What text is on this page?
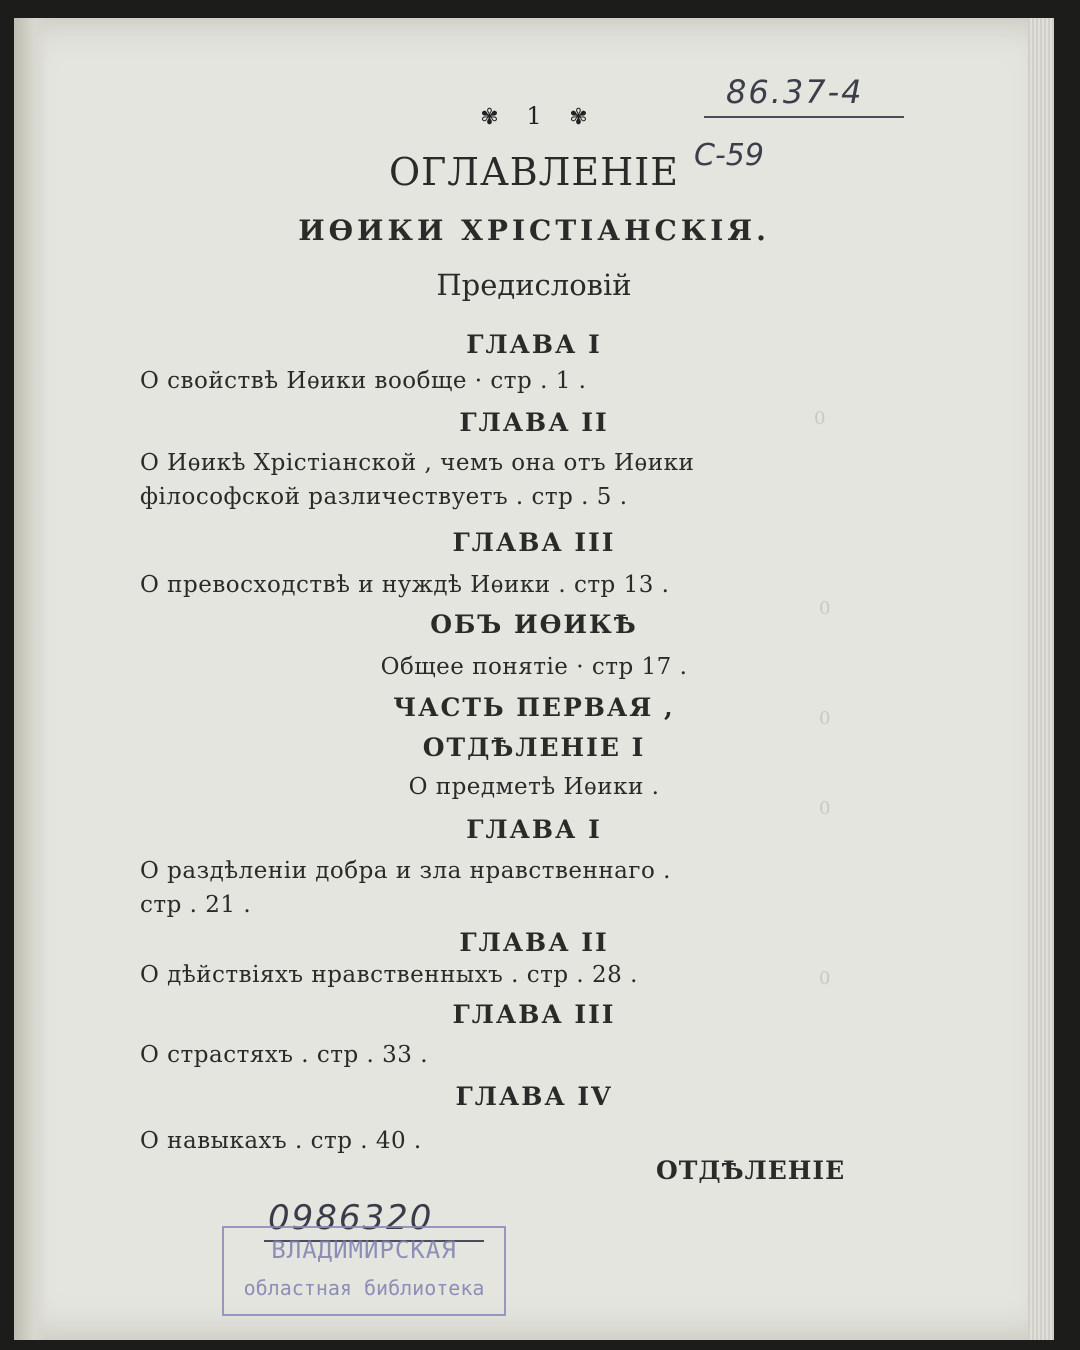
0
0
0
0
0
86.37-4
С-59
✾ 1 ✾
ОГЛАВЛЕНІЕ
ИѲИКИ ХРІСТІАНСКІЯ.
Предисловій
ГЛАВА I
О свойствѣ Иѳики вообще · стр . 1 .
ГЛАВА II
О Иѳикѣ Хрістіанской , чемъ она отъ Иѳики
філософской различествуетъ . стр . 5 .
ГЛАВА III
О превосходствѣ и нуждѣ Иѳики . стр 13 .
ОБЪ ИѲИКѢ
Общее понятіе · стр 17 .
ЧАСТЬ ПЕРВАЯ ,
ОТДѢЛЕНІЕ I
О предметѣ Иѳики .
ГЛАВА I
О раздѣленіи добра и зла нравственнаго .
стр . 21 .
ГЛАВА II
О дѣйствіяхъ нравственныхъ . стр . 28 .
ГЛАВА III
О страстяхъ . стр . 33 .
ГЛАВА IV
О навыкахъ . стр . 40 .
ОТДѢЛЕНІЕ
0986320
ВЛАДИМИРСКАЯ
областная библиотека
